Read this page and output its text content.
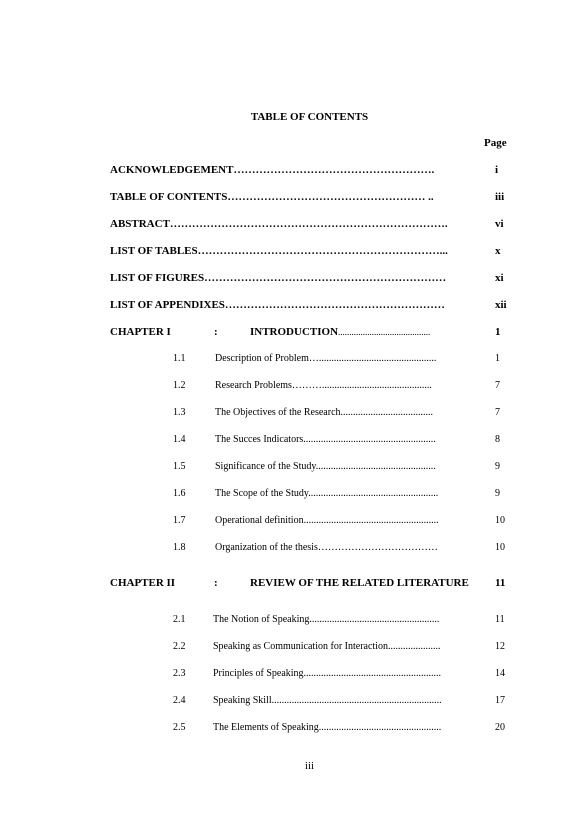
TABLE OF CONTENTS
Page
ACKNOWLEDGEMENT……………………………………………….	i
TABLE OF CONTENTS……………………………………………… ..	iii
ABSTRACT………………………………………………………………….	vi
LIST OF TABLES…………………………………………………………...	x
LIST OF FIGURES…………………………………………………………	xi
LIST OF APPENDIXES……………………………………………………	xii
CHAPTER I	:	INTRODUCTION.........................................	1
1.1	Description of Problem…...............................................	1
1.2	Research Problems………............................................	7
1.3	The Objectives of the Research.....................................	7
1.4	The Succes Indicators.....................................................	8
1.5	Significance of the Study................................................	9
1.6	The Scope of the Study....................................................	9
1.7	Operational definition......................................................	10
1.8	Organization of the thesis………………………………	10
CHAPTER II	:	REVIEW OF THE RELATED LITERATURE 11
2.1	The Notion of Speaking....................................................	11
2.2	Speaking as Communication for Interaction.....................	12
2.3	Principles of Speaking.......................................................	14
2.4	Speaking Skill....................................................................	17
2.5	The Elements of Speaking.................................................	20
iii
